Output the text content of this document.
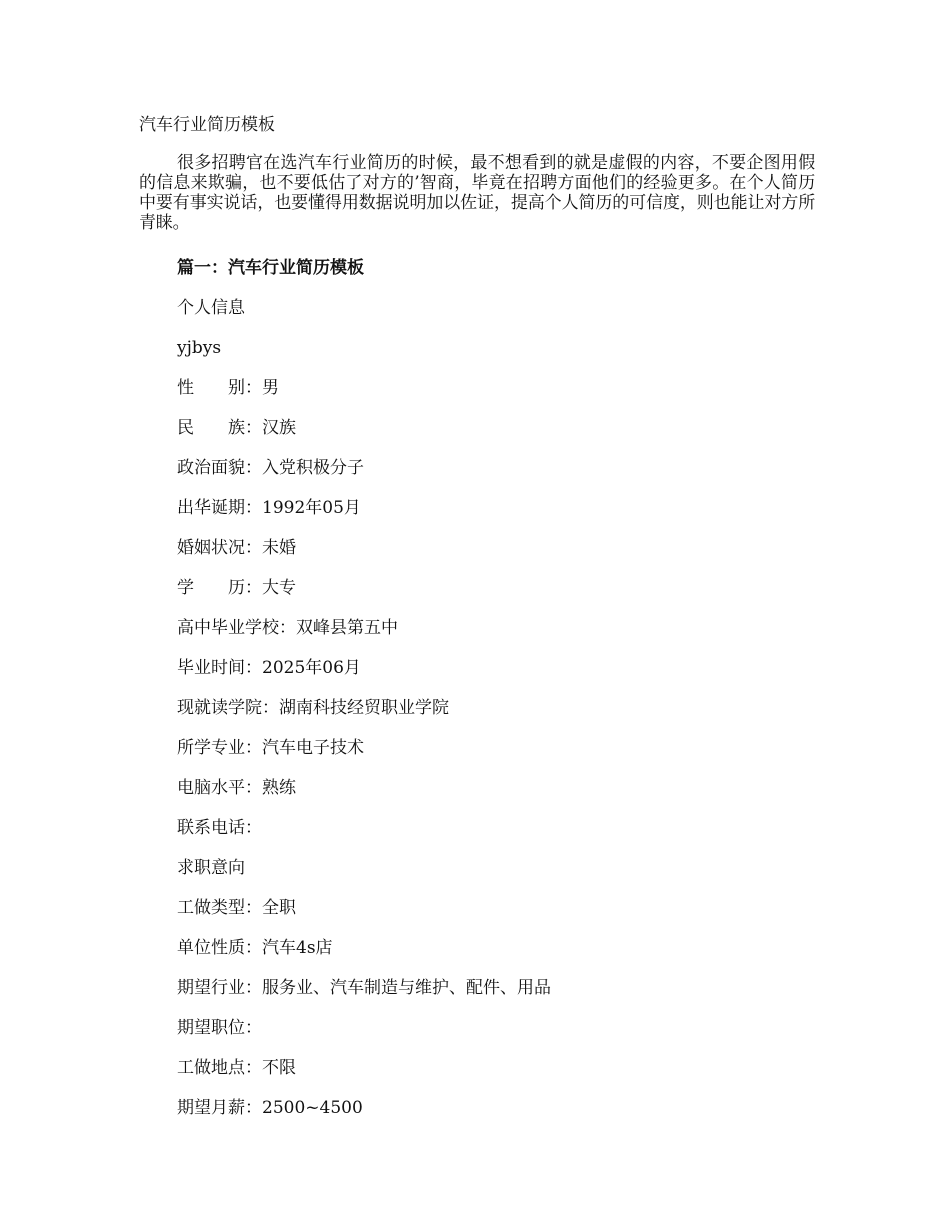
汽车行业简历模板

很多招聘官在选汽车行业简历的时候，最不想看到的就是虚假的内容，不要企图用假的信息来欺骗，也不要低估了对方的’智商，毕竟在招聘方面他们的经验更多。在个人简历中要有事实说话，也要懂得用数据说明加以佐证，提高个人简历的可信度，则也能让对方所青睐。

篇一：汽车行业简历模板
个人信息
yjbys
性　　别：男
民　　族：汉族
政治面貌：入党积极分子
出华诞期：1992年05月
婚姻状况：未婚
学　　历：大专
高中毕业学校：双峰县第五中
毕业时间：2025年06月
现就读学院：湖南科技经贸职业学院
所学专业：汽车电子技术
电脑水平：熟练
联系电话：
求职意向
工做类型：全职
单位性质：汽车4s店
期望行业：服务业、汽车制造与维护、配件、用品
期望职位：
工做地点：不限
期望月薪：2500~4500
